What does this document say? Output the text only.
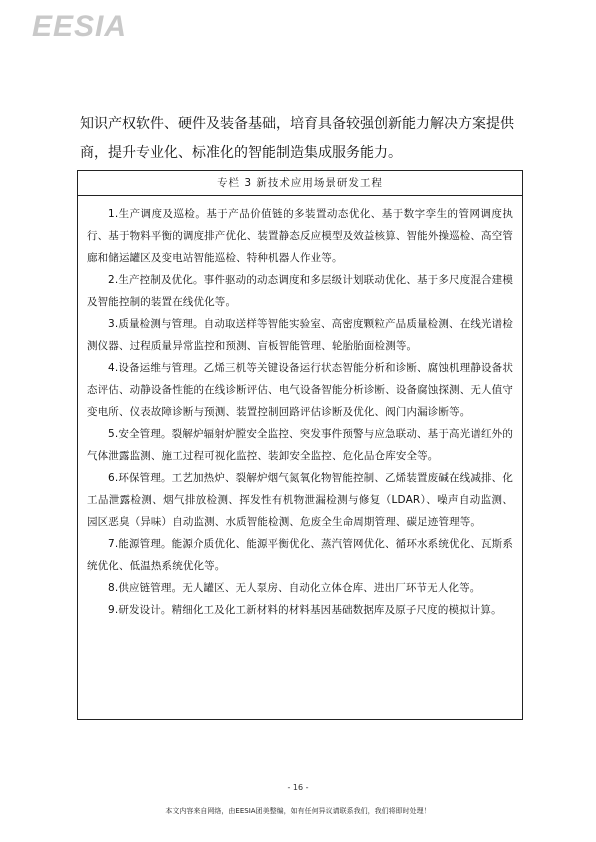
EESIA

知识产权软件、硬件及装备基础，培育具备较强创新能力解决方案提供商，提升专业化、标准化的智能制造集成服务能力。

专栏 3 新技术应用场景研发工程

1.生产调度及巡检。基于产品价值链的多装置动态优化、基于数字孪生的管网调度执行、基于物料平衡的调度排产优化、装置静态反应模型及效益核算、智能外操巡检、高空管廊和储运罐区及变电站智能巡检、特种机器人作业等。

2.生产控制及优化。事件驱动的动态调度和多层级计划联动优化、基于多尺度混合建模及智能控制的装置在线优化等。

3.质量检测与管理。自动取送样等智能实验室、高密度颗粒产品质量检测、在线光谱检测仪器、过程质量异常监控和预测、盲板智能管理、轮胎胎面检测等。

4.设备运维与管理。乙烯三机等关键设备运行状态智能分析和诊断、腐蚀机理静设备状态评估、动静设备性能的在线诊断评估、电气设备智能分析诊断、设备腐蚀探测、无人值守变电所、仪表故障诊断与预测、装置控制回路评估诊断及优化、阀门内漏诊断等。

5.安全管理。裂解炉辐射炉膛安全监控、突发事件预警与应急联动、基于高光谱红外的气体泄露监测、施工过程可视化监控、装卸安全监控、危化品仓库安全等。

6.环保管理。工艺加热炉、裂解炉烟气氮氧化物智能控制、乙烯装置废碱在线减排、化工品泄露检测、烟气排放检测、挥发性有机物泄漏检测与修复（LDAR）、噪声自动监测、园区恶臭（异味）自动监测、水质智能检测、危废全生命周期管理、碳足迹管理等。

7.能源管理。能源介质优化、能源平衡优化、蒸汽管网优化、循环水系统优化、瓦斯系统优化、低温热系统优化等。

8.供应链管理。无人罐区、无人泵房、自动化立体仓库、进出厂环节无人化等。

9.研发设计。精细化工及化工新材料的材料基因基础数据库及原子尺度的模拟计算。

- 16 -
本文内容来自网络，由EESIA团美整编，如有任何异议请联系我们，我们将即时处理！
